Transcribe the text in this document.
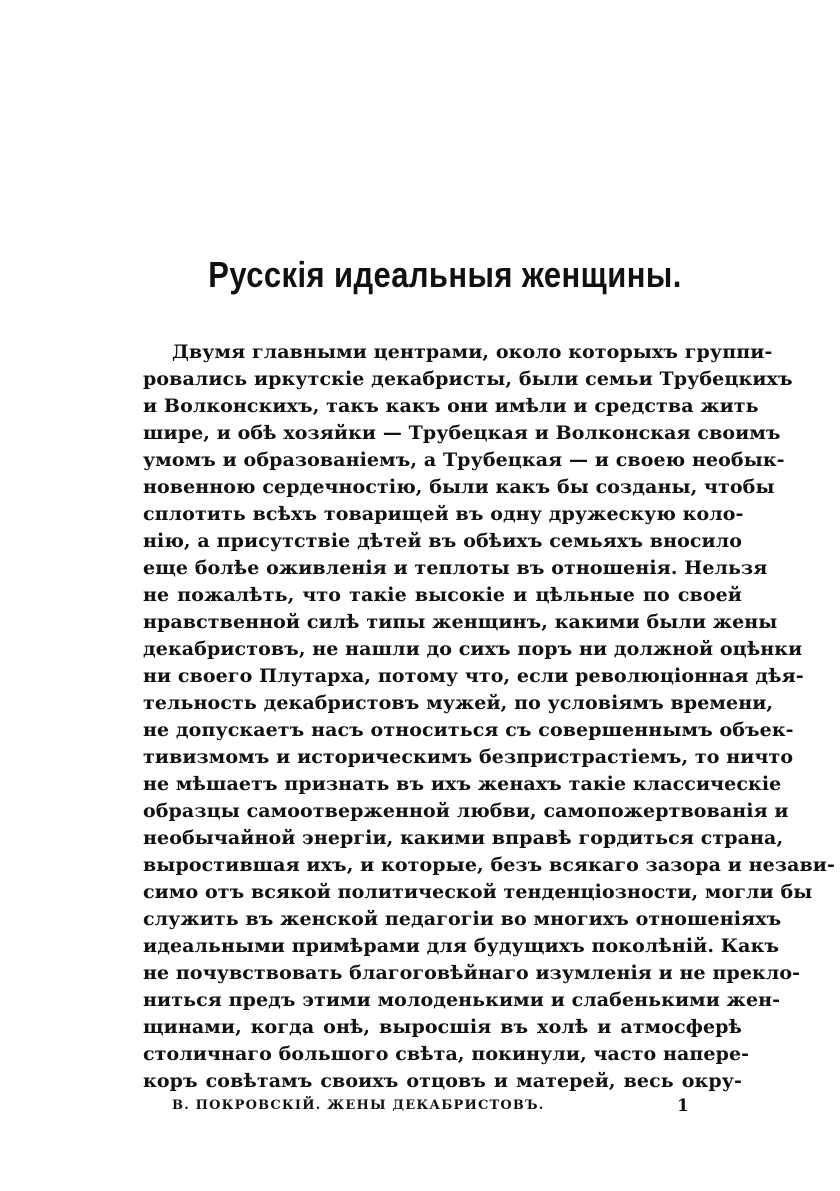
Русскія идеальныя женщины.
Двумя главными центрами, около которыхъ группи-
ровались иркутскіе декабристы, были семьи Трубецкихъ
и Волконскихъ, такъ какъ они имѣли и средства жить
шире, и обѣ хозяйки — Трубецкая и Волконская своимъ
умомъ и образованіемъ, а Трубецкая — и своею необык-
новенною сердечностію, были какъ бы созданы, чтобы
сплотить всѣхъ товарищей въ одну дружескую коло-
нію, а присутствіе дѣтей въ обѣихъ семьяхъ вносило
еще болѣе оживленія и теплоты въ отношенія. Нельзя
не пожалѣть, что такіе высокіе и цѣльные по своей
нравственной силѣ типы женщинъ, какими были жены
декабристовъ, не нашли до сихъ поръ ни должной оцѣнки
ни своего Плутарха, потому что, если революціонная дѣя-
тельность декабристовъ мужей, по условіямъ времени,
не допускаетъ насъ относиться съ совершеннымъ объек-
тивизмомъ и историческимъ безпристрастіемъ, то ничто
не мѣшаетъ признать въ ихъ женахъ такіе классическіе
образцы самоотверженной любви, самопожертвованія и
необычайной энергіи, какими вправѣ гордиться страна,
выростившая ихъ, и которые, безъ всякаго зазора и незави-
симо отъ всякой политической тенденціозности, могли бы
служить въ женской педагогіи во многихъ отношеніяхъ
идеальными примѣрами для будущихъ поколѣній. Какъ
не почувствовать благоговѣйнаго изумленія и не прекло-
ниться предъ этими молоденькими и слабенькими жен-
щинами, когда онѣ, выросшія въ холѣ и атмосферѣ
столичнаго большого свѣта, покинули, часто напере-
коръ совѣтамъ своихъ отцовъ и матерей, весь окру-
В. ПОКРОВСКІЙ. ЖЕНЫ ДЕКАБРИСТОВЪ.	1
